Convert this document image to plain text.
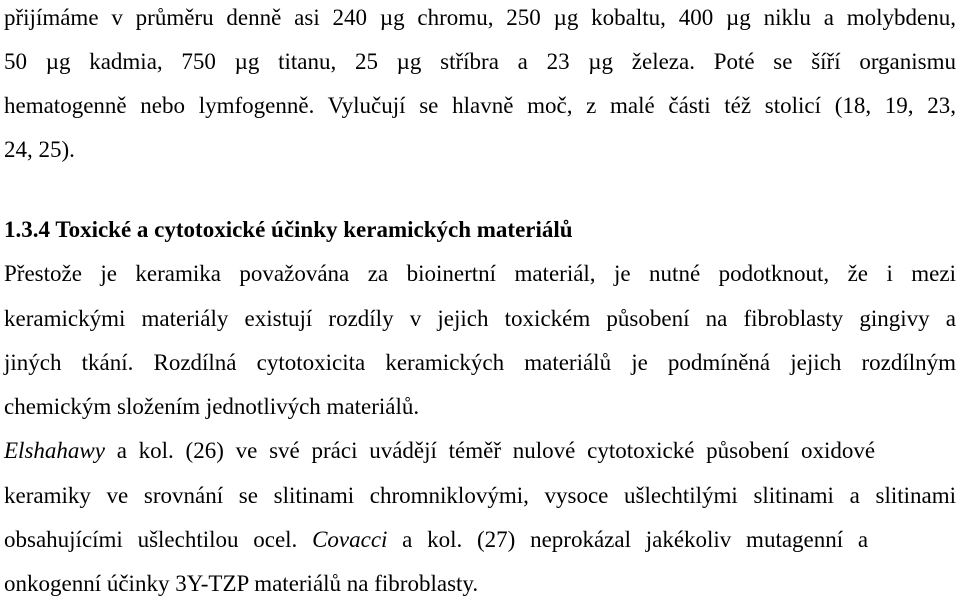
přijímáme v průměru denně asi 240 µg chromu, 250 µg kobaltu, 400 µg niklu a molybdenu,
50 µg kadmia, 750 µg titanu, 25 µg stříbra a 23 µg železa. Poté se šíří organismu
hematogenně nebo lymfogenně. Vylučují se hlavně moč, z malé části též stolicí (18, 19, 23,
24, 25).
1.3.4 Toxické a cytotoxické účinky keramických materiálů
Přestože je keramika považována za bioinertní materiál, je nutné podotknout, že i mezi
keramickými materiály existují rozdíly v jejich toxickém působení na fibroblasty gingivy a
jiných tkání. Rozdílná cytotoxicita keramických materiálů je podmíněná jejich rozdílným
chemickým složením jednotlivých materiálů.
Elshahawy a kol. (26) ve své práci uvádějí téměř nulové cytotoxické působení oxidové
keramiky ve srovnání se slitinami chromniklovými, vysoce ušlechtilými slitinami a slitinami
obsahujícími ušlechtilou ocel. Covacci a kol. (27) neprokázal jakékoliv mutagenní a
onkogenní účinky 3Y-TZP materiálů na fibroblasty.
